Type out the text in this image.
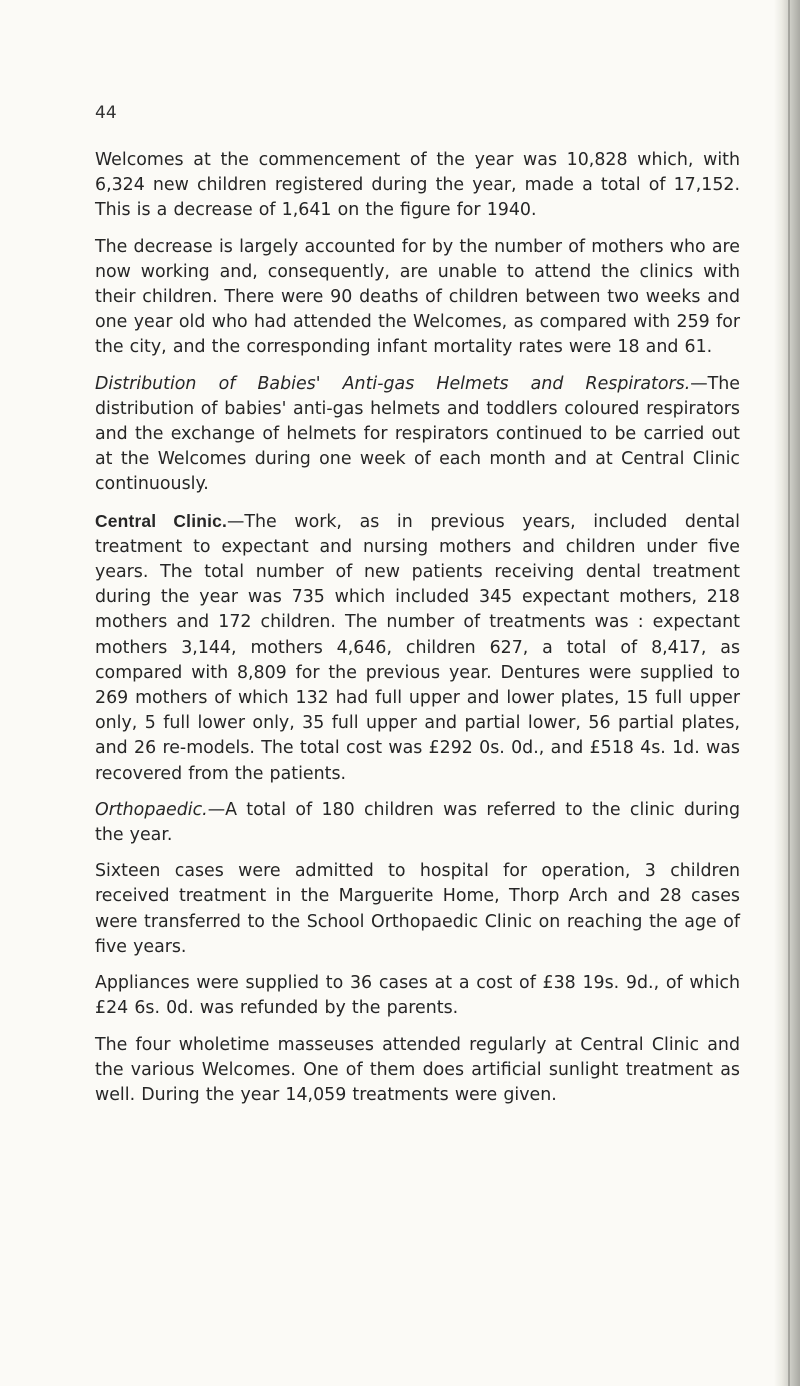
44

Welcomes at the commencement of the year was 10,828 which, with 6,324 new children registered during the year, made a total of 17,152. This is a decrease of 1,641 on the figure for 1940.

The decrease is largely accounted for by the number of mothers who are now working and, consequently, are unable to attend the clinics with their children. There were 90 deaths of children between two weeks and one year old who had attended the Welcomes, as compared with 259 for the city, and the corresponding infant mortality rates were 18 and 61.

Distribution of Babies' Anti-gas Helmets and Respirators.—The distribution of babies' anti-gas helmets and toddlers coloured respirators and the exchange of helmets for respirators continued to be carried out at the Welcomes during one week of each month and at Central Clinic continuously.

Central Clinic.—The work, as in previous years, included dental treatment to expectant and nursing mothers and children under five years. The total number of new patients receiving dental treatment during the year was 735 which included 345 expectant mothers, 218 mothers and 172 children. The number of treatments was : expectant mothers 3,144, mothers 4,646, children 627, a total of 8,417, as compared with 8,809 for the previous year. Dentures were supplied to 269 mothers of which 132 had full upper and lower plates, 15 full upper only, 5 full lower only, 35 full upper and partial lower, 56 partial plates, and 26 re-models. The total cost was £292 0s. 0d., and £518 4s. 1d. was recovered from the patients.

Orthopaedic.—A total of 180 children was referred to the clinic during the year.

Sixteen cases were admitted to hospital for operation, 3 children received treatment in the Marguerite Home, Thorp Arch and 28 cases were transferred to the School Orthopaedic Clinic on reaching the age of five years.

Appliances were supplied to 36 cases at a cost of £38 19s. 9d., of which £24 6s. 0d. was refunded by the parents.

The four wholetime masseuses attended regularly at Central Clinic and the various Welcomes. One of them does artificial sunlight treatment as well. During the year 14,059 treatments were given.
